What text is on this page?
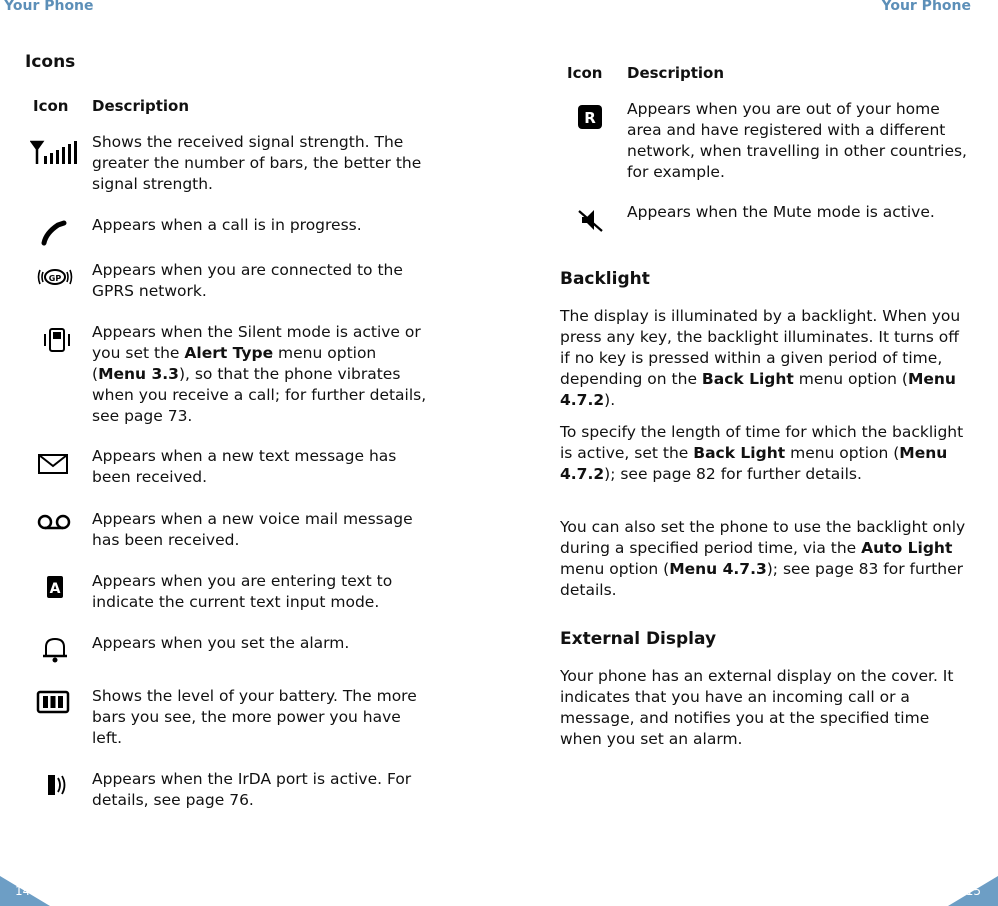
Your Phone
Icons
Icon Description
Shows the received signal strength. The greater the number of bars, the better the signal strength.
Appears when a call is in progress.
GP Appears when you are connected to the GPRS network.
Appears when the Silent mode is active or you set the Alert Type menu option (Menu 3.3), so that the phone vibrates when you receive a call; for further details, see page 73.
Appears when a new text message has been received.
Appears when a new voice mail message has been received.
A Appears when you are entering text to indicate the current text input mode.
Appears when you set the alarm.
Shows the level of your battery. The more bars you see, the more power you have left.
Appears when the IrDA port is active. For details, see page 76.
14
Your Phone
Icon Description
R Appears when you are out of your home area and have registered with a different network, when travelling in other countries, for example.
Appears when the Mute mode is active.
Backlight
The display is illuminated by a backlight. When you press any key, the backlight illuminates. It turns off if no key is pressed within a given period of time, depending on the Back Light menu option (Menu 4.7.2).
To specify the length of time for which the backlight is active, set the Back Light menu option (Menu 4.7.2); see page 82 for further details.
You can also set the phone to use the backlight only during a specified period time, via the Auto Light menu option (Menu 4.7.3); see page 83 for further details.
External Display
Your phone has an external display on the cover. It indicates that you have an incoming call or a message, and notifies you at the specified time when you set an alarm.
15
